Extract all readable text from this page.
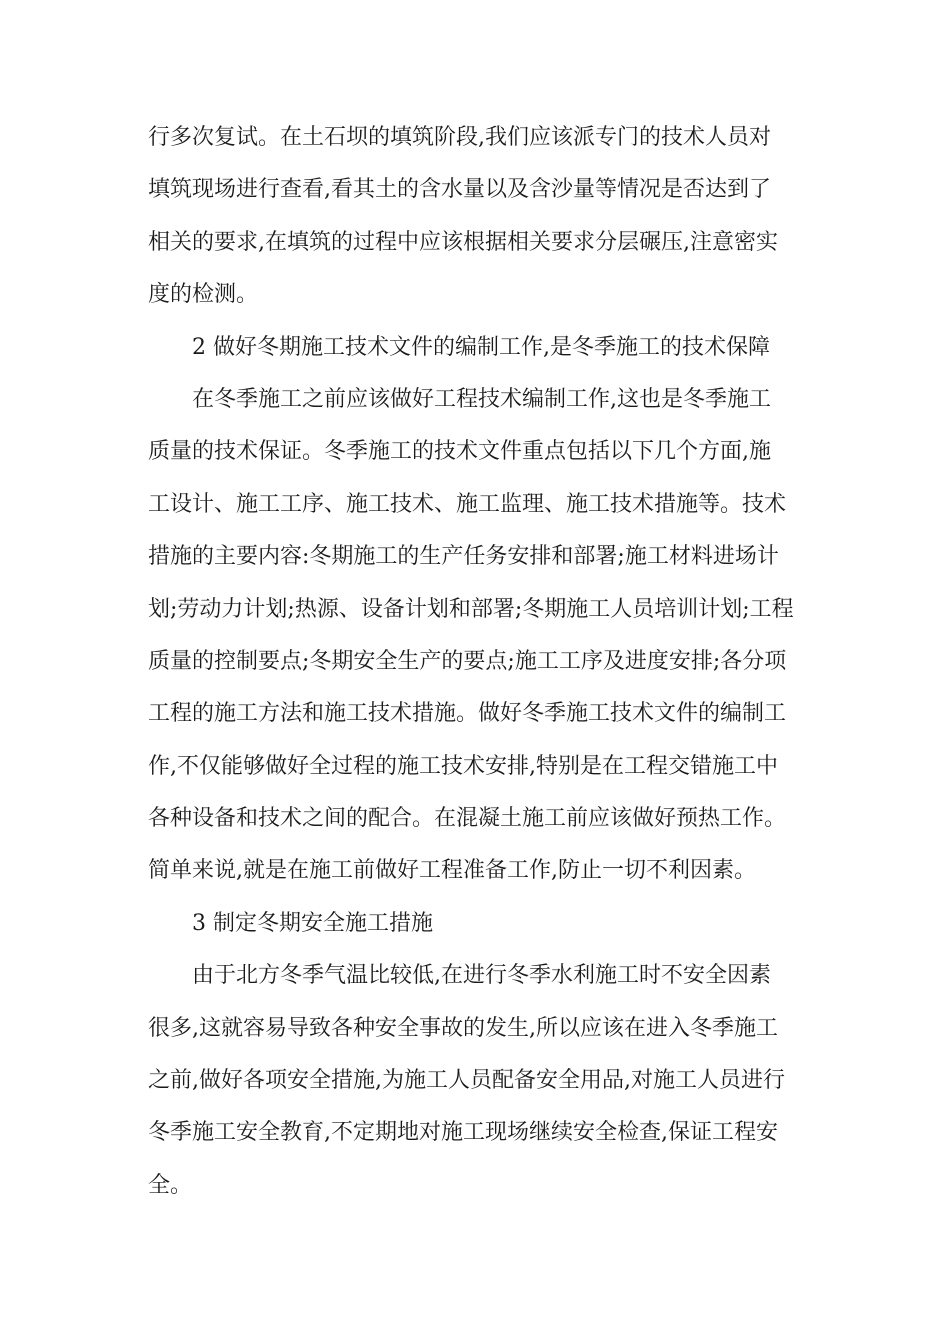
行多次复试。在土石坝的填筑阶段,我们应该派专门的技术人员对
填筑现场进行查看,看其土的含水量以及含沙量等情况是否达到了
相关的要求,在填筑的过程中应该根据相关要求分层碾压,注意密实
度的检测。
2 做好冬期施工技术文件的编制工作,是冬季施工的技术保障
在冬季施工之前应该做好工程技术编制工作,这也是冬季施工
质量的技术保证。冬季施工的技术文件重点包括以下几个方面,施
工设计、施工工序、施工技术、施工监理、施工技术措施等。技术
措施的主要内容:冬期施工的生产任务安排和部署;施工材料进场计
划;劳动力计划;热源、设备计划和部署;冬期施工人员培训计划;工程
质量的控制要点;冬期安全生产的要点;施工工序及进度安排;各分项
工程的施工方法和施工技术措施。做好冬季施工技术文件的编制工
作,不仅能够做好全过程的施工技术安排,特别是在工程交错施工中
各种设备和技术之间的配合。在混凝土施工前应该做好预热工作。
简单来说,就是在施工前做好工程准备工作,防止一切不利因素。
3 制定冬期安全施工措施
由于北方冬季气温比较低,在进行冬季水利施工时不安全因素
很多,这就容易导致各种安全事故的发生,所以应该在进入冬季施工
之前,做好各项安全措施,为施工人员配备安全用品,对施工人员进行
冬季施工安全教育,不定期地对施工现场继续安全检查,保证工程安
全。
